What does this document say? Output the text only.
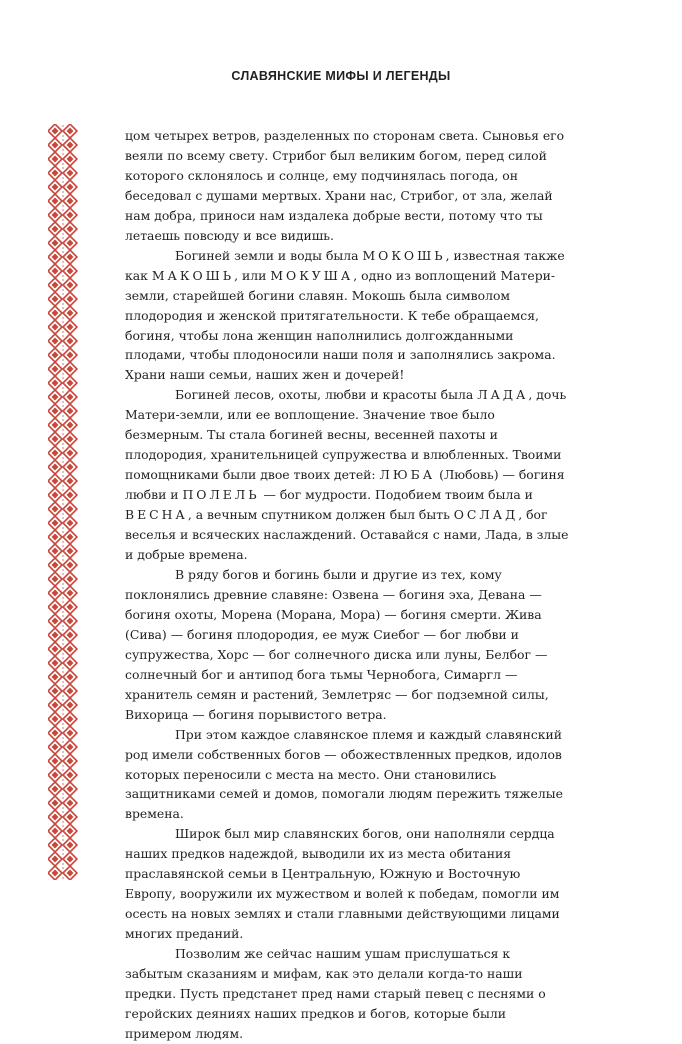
СЛАВЯНСКИЕ МИФЫ И ЛЕГЕНДЫ

цом четырех ветров, разделенных по сторонам света. Сыновья его веяли по всему свету. Стрибог был великим богом, перед силой которого склонялось и солнце, ему подчинялась погода, он беседовал с душами мертвых. Храни нас, Стрибог, от зла, желай нам добра, приноси нам издалека добрые вести, потому что ты летаешь повсюду и все видишь.

Богиней земли и воды была МОКОШЬ, известная также как МАКОШЬ, или МОКУША, одно из воплощений Матери-земли, старейшей богини славян. Мокошь была символом плодородия и женской притягательности. К тебе обращаемся, богиня, чтобы лона женщин наполнились долгожданными плодами, чтобы плодоносили наши поля и заполнялись закрома. Храни наши семьи, наших жен и дочерей!

Богиней лесов, охоты, любви и красоты была ЛАДА, дочь Матери-земли, или ее воплощение. Значение твое было безмерным. Ты стала богиней весны, весенней пахоты и плодородия, хранительницей супружества и влюбленных. Твоими помощниками были двое твоих детей: ЛЮБА (Любовь) — богиня любви и ПОЛЕЛЬ — бог мудрости. Подобием твоим была и ВЕСНА, а вечным спутником должен был быть ОСЛАД, бог веселья и всяческих наслаждений. Оставайся с нами, Лада, в злые и добрые времена.

В ряду богов и богинь были и другие из тех, кому поклонялись древние славяне: Озвена — богиня эха, Девана — богиня охоты, Морена (Морана, Мора) — богиня смерти. Жива (Сива) — богиня плодородия, ее муж Сиебог — бог любви и супружества, Хорс — бог солнечного диска или луны, Белбог — солнечный бог и антипод бога тьмы Чернобога, Симаргл — хранитель семян и растений, Землетряс — бог подземной силы, Вихорица — богиня порывистого ветра.

При этом каждое славянское племя и каждый славянский род имели собственных богов — обожествленных предков, идолов которых переносили с места на место. Они становились защитниками семей и домов, помогали людям пережить тяжелые времена.

Широк был мир славянских богов, они наполняли сердца наших предков надеждой, выводили их из места обитания праславянской семьи в Центральную, Южную и Восточную Европу, вооружили их мужеством и волей к победам, помогли им осесть на новых землях и стали главными действующими лицами многих преданий.

Позволим же сейчас нашим ушам прислушаться к забытым сказаниям и мифам, как это делали когда-то наши предки. Пусть предстанет пред нами старый певец с песнями о геройских деяниях наших предков и богов, которые были примером людям.
